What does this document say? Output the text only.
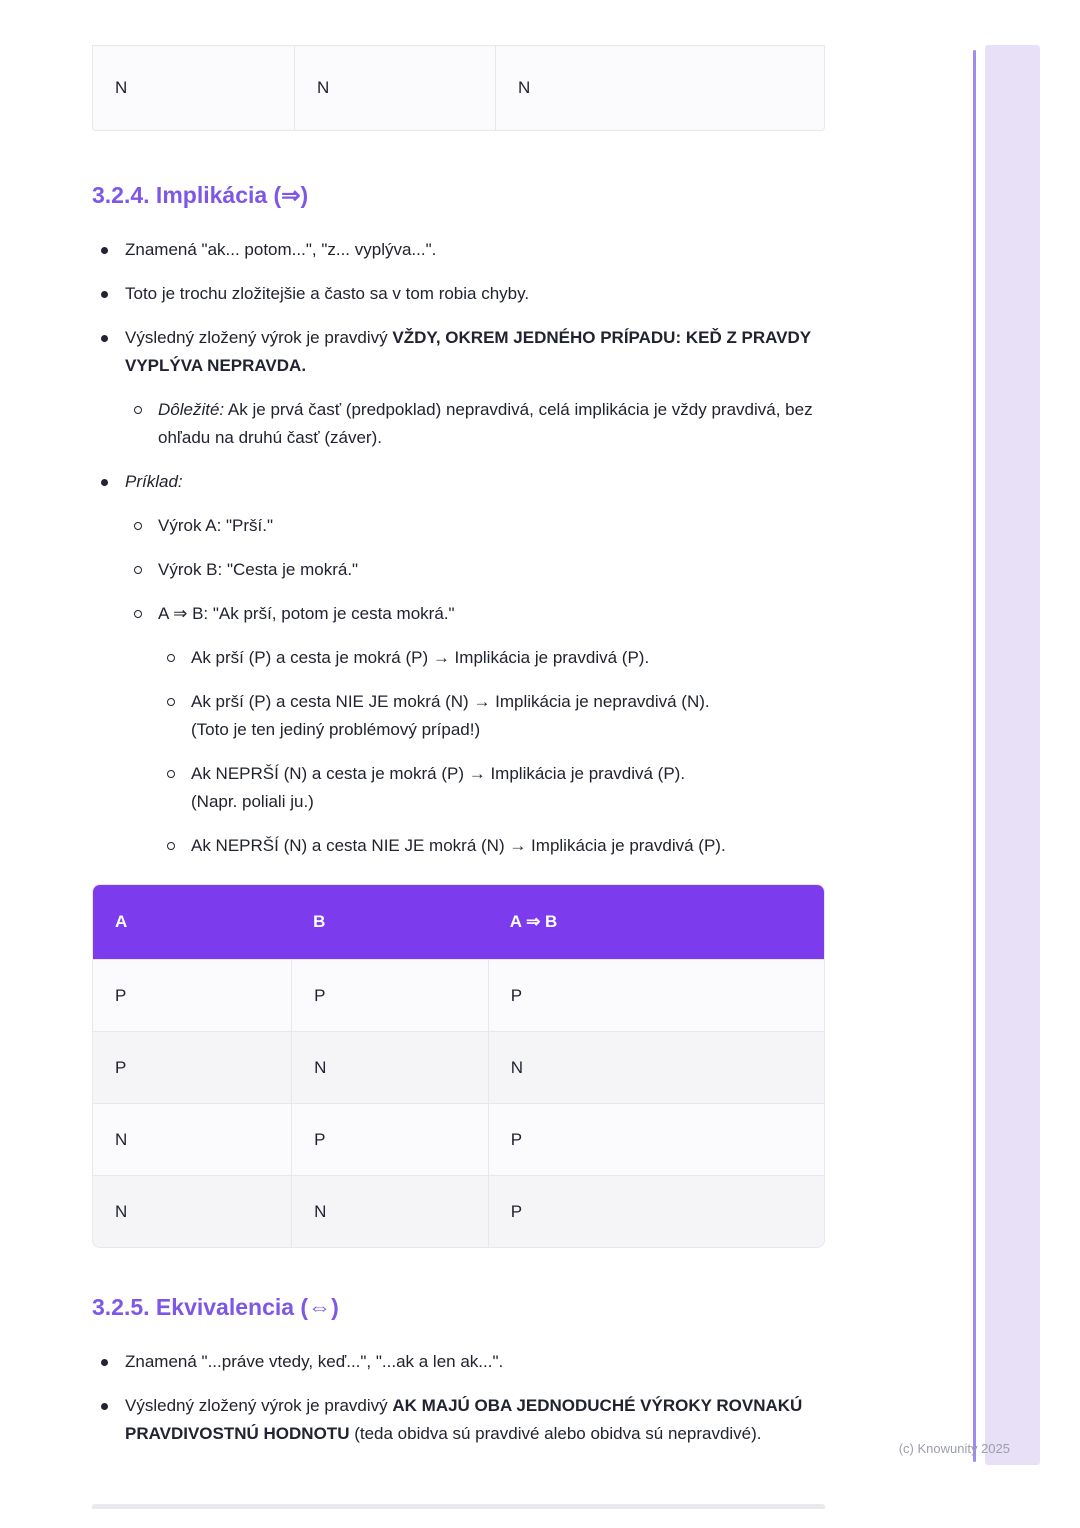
N	N	N
3.2.4. Implikácia (⇒)
Znamená "ak... potom...", "z... vyplýva...".
Toto je trochu zložitejšie a často sa v tom robia chyby.
Výsledný zložený výrok je pravdivý VŽDY, OKREM JEDNÉHO PRÍPADU: KEĎ Z PRAVDY VYPLÝVA NEPRAVDA.
Dôležité: Ak je prvá časť (predpoklad) nepravdivá, celá implikácia je vždy pravdivá, bez ohľadu na druhú časť (záver).
Príklad:
Výrok A: "Prší."
Výrok B: "Cesta je mokrá."
A ⇒ B: "Ak prší, potom je cesta mokrá."
Ak prší (P) a cesta je mokrá (P) → Implikácia je pravdivá (P).
Ak prší (P) a cesta NIE JE mokrá (N) → Implikácia je nepravdivá (N).
(Toto je ten jediný problémový prípad!)
Ak NEPRŠÍ (N) a cesta je mokrá (P) → Implikácia je pravdivá (P).
(Napr. poliali ju.)
Ak NEPRŠÍ (N) a cesta NIE JE mokrá (N) → Implikácia je pravdivá (P).
A	B	A ⇒ B
P	P	P
P	N	N
N	P	P
N	N	P
3.2.5. Ekvivalencia (⇔)
Znamená "...práve vtedy, keď...", "...ak a len ak...".
Výsledný zložený výrok je pravdivý AK MAJÚ OBA JEDNODUCHÉ VÝROKY ROVNAKÚ PRAVDIVOSTNÚ HODNOTU (teda obidva sú pravdivé alebo obidva sú nepravdivé).
(c) Knowunity 2025
